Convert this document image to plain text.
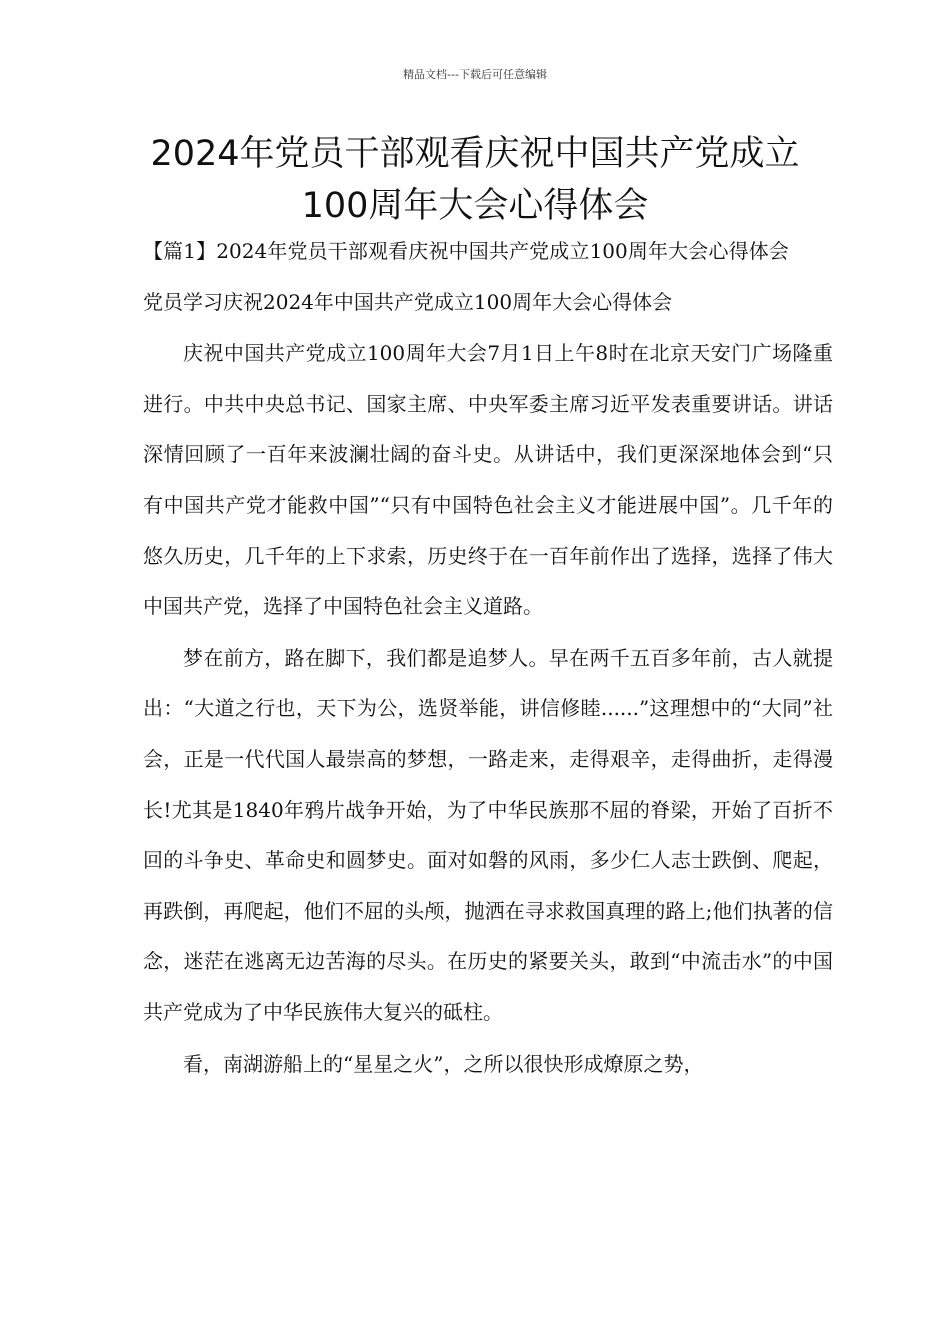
精品文档---下载后可任意编辑
2024年党员干部观看庆祝中国共产党成立100周年大会心得体会

【篇1】2024年党员干部观看庆祝中国共产党成立100周年大会心得体会党员学习庆祝2024年中国共产党成立100周年大会心得体会

庆祝中国共产党成立100周年大会7月1日上午8时在北京天安门广场隆重进行。中共中央总书记、国家主席、中央军委主席习近平发表重要讲话。讲话深情回顾了一百年来波澜壮阔的奋斗史。从讲话中，我们更深深地体会到“只有中国共产党才能救中国”“只有中国特色社会主义才能进展中国”。几千年的悠久历史，几千年的上下求索，历史终于在一百年前作出了选择，选择了伟大中国共产党，选择了中国特色社会主义道路。

梦在前方，路在脚下，我们都是追梦人。早在两千五百多年前，古人就提出：“大道之行也，天下为公，选贤举能，讲信修睦......”这理想中的“大同”社会，正是一代代国人最崇高的梦想，一路走来，走得艰辛，走得曲折，走得漫长!尤其是1840年鸦片战争开始，为了中华民族那不屈的脊梁，开始了百折不回的斗争史、革命史和圆梦史。面对如磐的风雨，多少仁人志士跌倒、爬起，再跌倒，再爬起，他们不屈的头颅，抛洒在寻求救国真理的路上;他们执著的信念，迷茫在逃离无边苦海的尽头。在历史的紧要关头，敢到“中流击水”的中国共产党成为了中华民族伟大复兴的砥柱。

看，南湖游船上的“星星之火”，之所以很快形成燎原之势，
